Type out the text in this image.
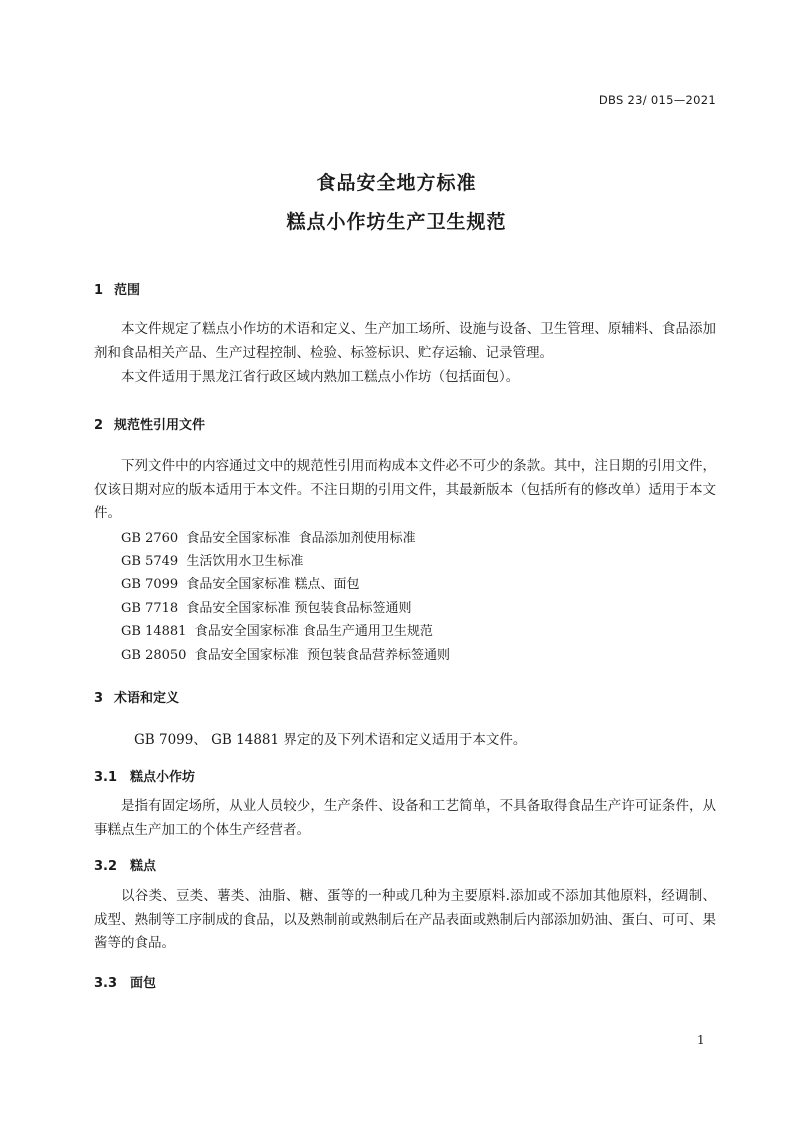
DBS 23/ 015—2021
食品安全地方标准
糕点小作坊生产卫生规范
1 范围

本文件规定了糕点小作坊的术语和定义、生产加工场所、设施与设备、卫生管理、原辅料、食品添加剂和食品相关产品、生产过程控制、检验、标签标识、贮存运输、记录管理。

本文件适用于黑龙江省行政区域内熟加工糕点小作坊（包括面包）。

2 规范性引用文件

下列文件中的内容通过文中的规范性引用而构成本文件必不可少的条款。其中，注日期的引用文件，仅该日期对应的版本适用于本文件。不注日期的引用文件，其最新版本（包括所有的修改单）适用于本文件。

GB 2760  食品安全国家标准  食品添加剂使用标准
GB 5749  生活饮用水卫生标准
GB 7099  食品安全国家标准 糕点、面包
GB 7718  食品安全国家标准 预包装食品标签通则
GB 14881  食品安全国家标准 食品生产通用卫生规范
GB 28050  食品安全国家标准  预包装食品营养标签通则
3 术语和定义

GB 7099、 GB 14881 界定的及下列术语和定义适用于本文件。

3.1 糕点小作坊

是指有固定场所，从业人员较少，生产条件、设备和工艺简单，不具备取得食品生产许可证条件，从事糕点生产加工的个体生产经营者。

3.2 糕点

以谷类、豆类、薯类、油脂、糖、蛋等的一种或几种为主要原料.添加或不添加其他原料，经调制、成型、熟制等工序制成的食品，以及熟制前或熟制后在产品表面或熟制后内部添加奶油、蛋白、可可、果酱等的食品。

3.3 面包
1
